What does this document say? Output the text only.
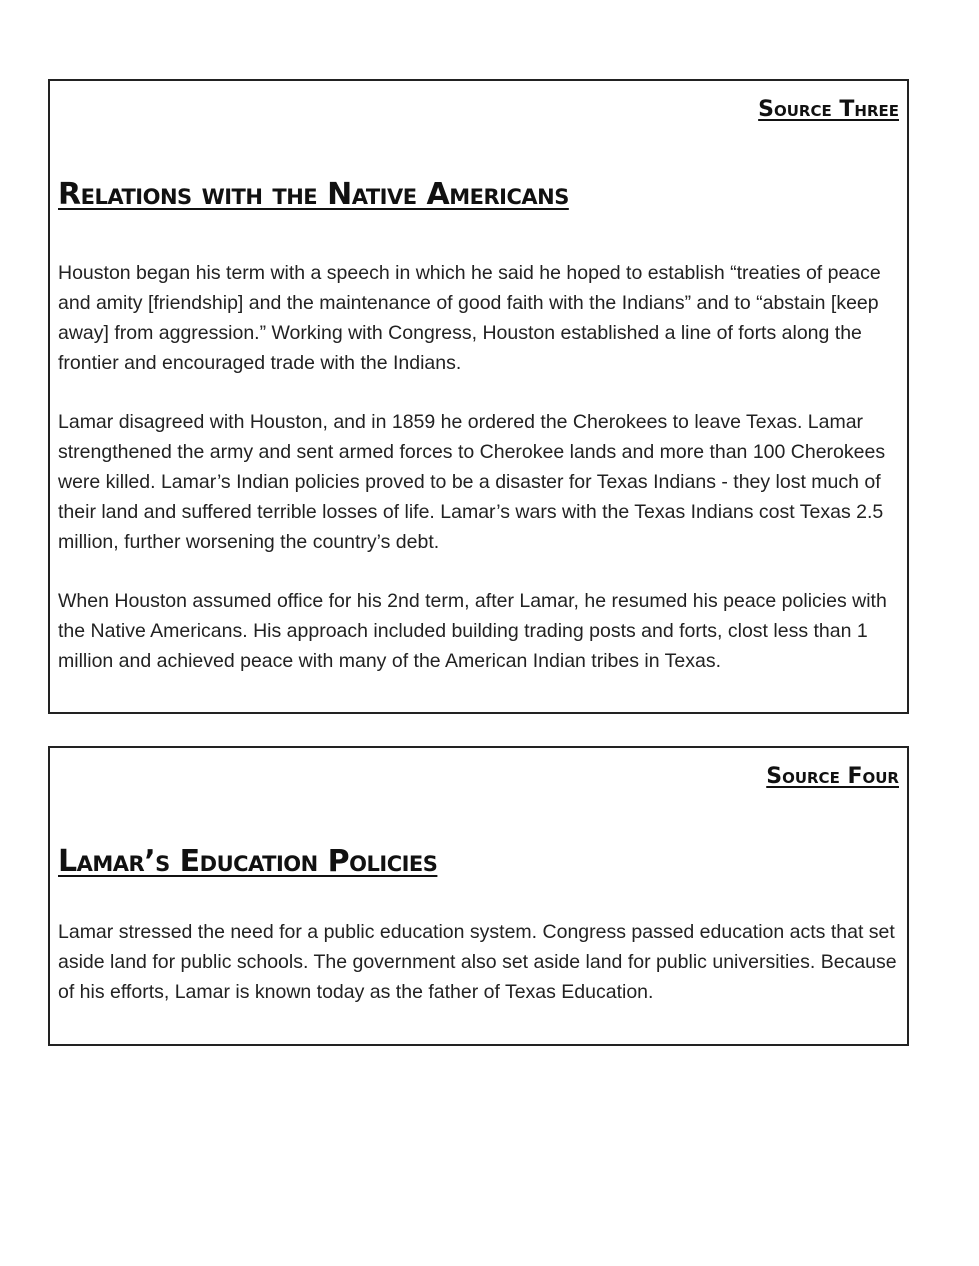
Source Three
Relations with the Native Americans

Houston began his term with a speech in which he said he hoped to establish “treaties of peace and amity [friendship] and the maintenance of good faith with the Indians” and to “abstain [keep away] from aggression.” Working with Congress, Houston established a line of forts along the frontier and encouraged trade with the Indians.

Lamar disagreed with Houston, and in 1859 he ordered the Cherokees to leave Texas. Lamar strengthened the army and sent armed forces to Cherokee lands and more than 100 Cherokees were killed. Lamar’s Indian policies proved to be a disaster for Texas Indians - they lost much of their land and suffered terrible losses of life. Lamar’s wars with the Texas Indians cost Texas 2.5 million, further worsening the country’s debt.

When Houston assumed office for his 2nd term, after Lamar, he resumed his peace policies with the Native Americans. His approach included building trading posts and forts, clost less than 1 million and achieved peace with many of the American Indian tribes in Texas.

Source Four
Lamar’s Education Policies

Lamar stressed the need for a public education system. Congress passed education acts that set aside land for public schools. The government also set aside land for public universities. Because of his efforts, Lamar is known today as the father of Texas Education.
